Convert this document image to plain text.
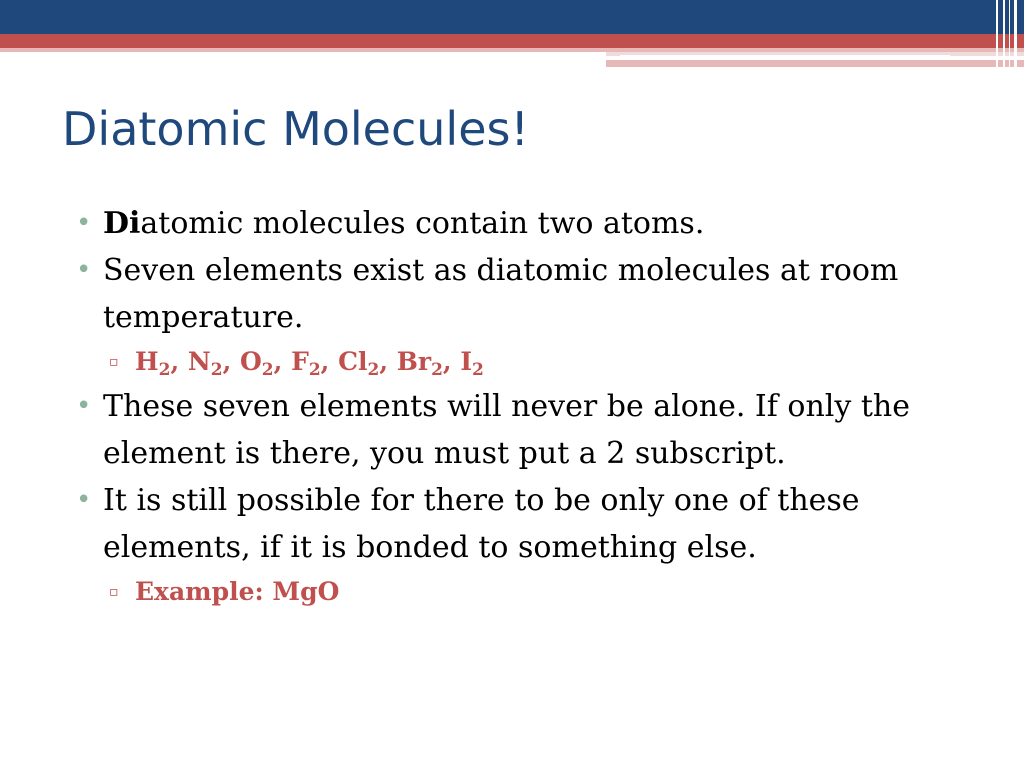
Diatomic Molecules!

• Diatomic molecules contain two atoms.

• Seven elements exist as diatomic molecules at room temperature.

▫ $H_2$, $N_2$, $O_2$, $F_2$, $Cl_2$, $Br_2$, $I_2$

• These seven elements will never be alone. If only the element is there, you must put a 2 subscript.

• It is still possible for there to be only one of these elements, if it is bonded to something else.

▫ Example: MgO
